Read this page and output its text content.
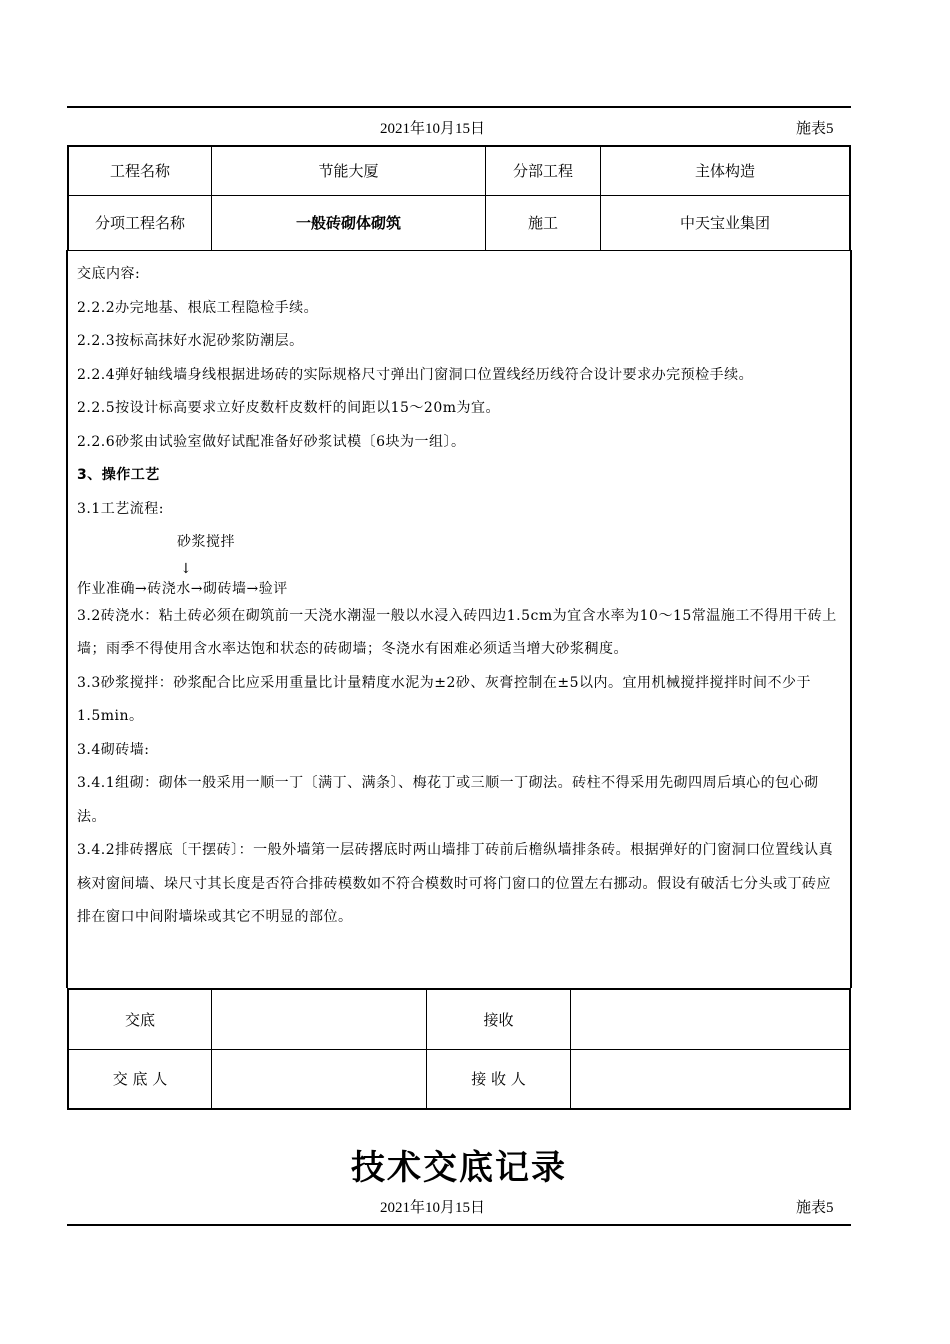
2021年10月15日	施表5
工程名称	节能大厦	分部工程	主体构造
分项工程名称	一般砖砌体砌筑	施工	中天宝业集团

交底内容:

2.2.2办完地基、根底工程隐检手续。

2.2.3按标高抹好水泥砂浆防潮层。

2.2.4弹好轴线墙身线根据进场砖的实际规格尺寸弹出门窗洞口位置线经历线符合设计要求办完预检手续。

2.2.5按设计标高要求立好皮数杆皮数杆的间距以15～20m为宜。

2.2.6砂浆由试验室做好试配准备好砂浆试模〔6块为一组〕。

3、操作工艺

3.1工艺流程:

砂浆搅拌

↓

作业准确→砖浇水→砌砖墙→验评

3.2砖浇水：粘土砖必须在砌筑前一天浇水潮湿一般以水浸入砖四边1.5cm为宜含水率为10～15常温施工不得用干砖上墙；雨季不得使用含水率达饱和状态的砖砌墙；冬浇水有困难必须适当增大砂浆稠度。

3.3砂浆搅拌：砂浆配合比应采用重量比计量精度水泥为±2砂、灰膏控制在±5以内。宜用机械搅拌搅拌时间不少于1.5min。

3.4砌砖墙:

3.4.1组砌：砌体一般采用一顺一丁〔满丁、满条〕、梅花丁或三顺一丁砌法。砖柱不得采用先砌四周后填心的包心砌法。

3.4.2排砖撂底〔干摆砖〕：一般外墙第一层砖撂底时两山墙排丁砖前后檐纵墙排条砖。根据弹好的门窗洞口位置线认真核对窗间墙、垛尺寸其长度是否符合排砖模数如不符合模数时可将门窗口的位置左右挪动。假设有破活七分头或丁砖应排在窗口中间附墙垛或其它不明显的部位。

交底		接收	
交 底 人		接 收 人	
技术交底记录
2021年10月15日	施表5
